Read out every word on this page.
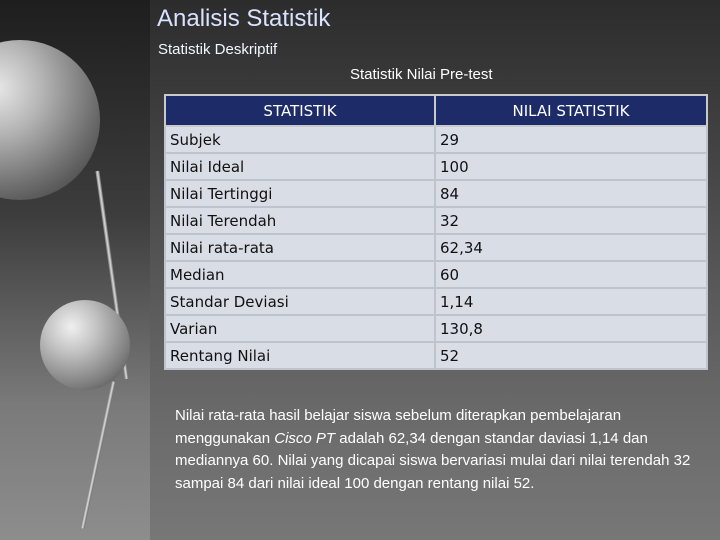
Analisis Statistik
Statistik Deskriptif
Statistik Nilai Pre-test
STATISTIK	NILAI STATISTIK
Subjek	29
Nilai Ideal	100
Nilai Tertinggi	84
Nilai Terendah	32
Nilai rata-rata	62,34
Median	60
Standar Deviasi	1,14
Varian	130,8
Rentang Nilai	52
Nilai rata-rata hasil belajar siswa sebelum diterapkan pembelajaran menggunakan Cisco PT adalah 62,34 dengan standar daviasi 1,14 dan mediannya 60. Nilai yang dicapai siswa bervariasi mulai dari nilai terendah 32 sampai 84 dari nilai ideal 100 dengan rentang nilai 52.
